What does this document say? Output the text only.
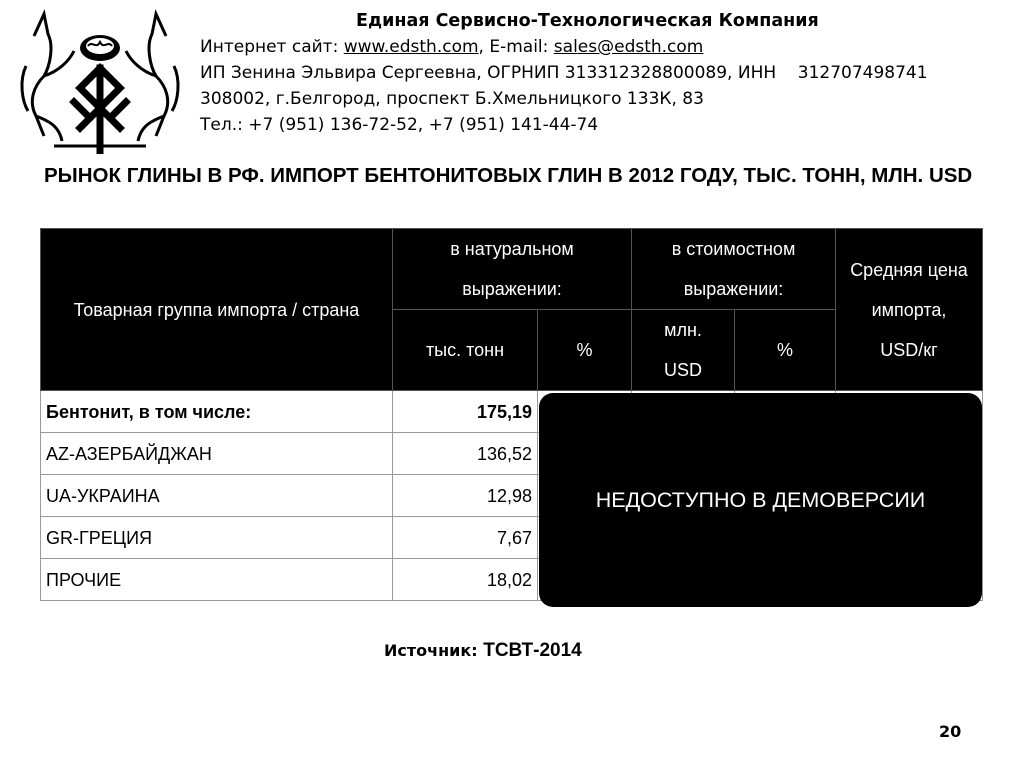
Единая Сервисно-Технологическая Компания
Интернет сайт: www.edsth.com, E-mail: sales@edsth.com
ИП Зенина Эльвира Сергеевна, ОГРНИП 313312328800089, ИНН    312707498741
308002, г.Белгород, проспект Б.Хмельницкого 133К, 83
Тел.: +7 (951) 136-72-52, +7 (951) 141-44-74
РЫНОК ГЛИНЫ В РФ. ИМПОРТ БЕНТОНИТОВЫХ ГЛИН В 2012 ГОДУ, ТЫС. ТОНН, МЛН. USD
Товарная группа импорта / страна	в натуральном выражении:		в стоимостном выражении:		Средняя цена импорта, USD/кг
	тыс. тонн	%	млн. USD	%	
Бентонит, в том числе:	175,19				
AZ-АЗЕРБАЙДЖАН	136,52				
UA-УКРАИНА	12,98				
GR-ГРЕЦИЯ	7,67				
ПРОЧИЕ	18,02				
НЕДОСТУПНО В ДЕМОВЕРСИИ
Источник: ТСВТ-2014
20
